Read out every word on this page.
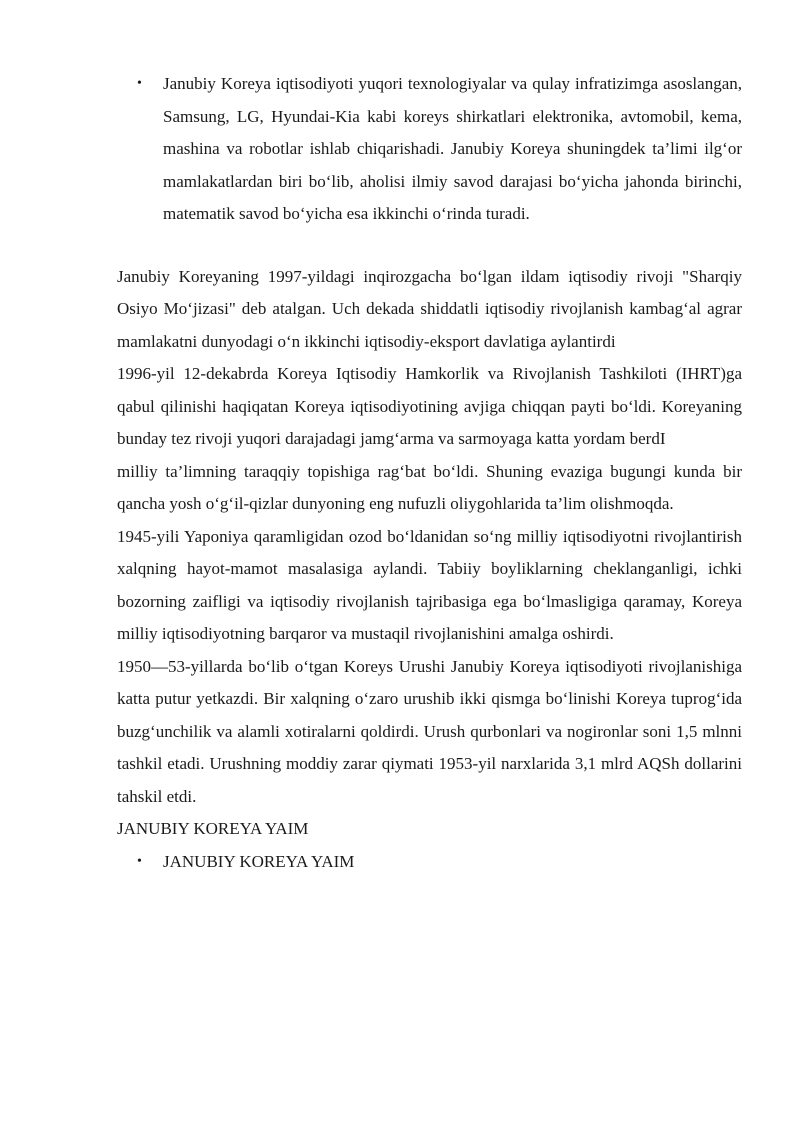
• Janubiy Koreya iqtisodiyoti yuqori texnologiyalar va qulay infratizimga asoslangan, Samsung, LG, Hyundai-Kia kabi koreys shirkatlari elektronika, avtomobil, kema, mashina va robotlar ishlab chiqarishadi. Janubiy Koreya shuningdek ta’limi ilg‘or mamlakatlardan biri bo‘lib, aholisi ilmiy savod darajasi bo‘yicha jahonda birinchi, matematik savod bo‘yicha esa ikkinchi o‘rinda turadi.

Janubiy Koreyaning 1997-yildagi inqirozgacha bo‘lgan ildam iqtisodiy rivoji "Sharqiy Osiyo Mo‘jizasi" deb atalgan. Uch dekada shiddatli iqtisodiy rivojlanish kambag‘al agrar mamlakatni dunyodagi o‘n ikkinchi iqtisodiy-eksport davlatiga aylantirdi

1996-yil 12-dekabrda Koreya Iqtisodiy Hamkorlik va Rivojlanish Tashkiloti (IHRT)ga qabul qilinishi haqiqatan Koreya iqtisodiyotining avjiga chiqqan payti bo‘ldi. Koreyaning bunday tez rivoji yuqori darajadagi jamg‘arma va sarmoyaga katta yordam berdI

milliy ta’limning taraqqiy topishiga rag‘bat bo‘ldi. Shuning evaziga bugungi kunda bir qancha yosh o‘g‘il-qizlar dunyoning eng nufuzli oliygohlarida ta’lim olishmoqda.

1945-yili Yaponiya qaramligidan ozod bo‘ldanidan so‘ng milliy iqtisodiyotni rivojlantirish xalqning hayot-mamot masalasiga aylandi. Tabiiy boyliklarning cheklanganligi, ichki bozorning zaifligi va iqtisodiy rivojlanish tajribasiga ega bo‘lmasligiga qaramay, Koreya milliy iqtisodiyotning barqaror va mustaqil rivojlanishini amalga oshirdi.

1950—53-yillarda bo‘lib o‘tgan Koreys Urushi Janubiy Koreya iqtisodiyoti rivojlanishiga katta putur yetkazdi. Bir xalqning o‘zaro urushib ikki qismga bo‘linishi Koreya tuprog‘ida buzg‘unchilik va alamli xotiralarni qoldirdi. Urush qurbonlari va nogironlar soni 1,5 mlnni tashkil etadi. Urushning moddiy zarar qiymati 1953-yil narxlarida 3,1 mlrd AQSh dollarini tahskil etdi.

JANUBIY KOREYA YAIM

• JANUBIY KOREYA YAIM
